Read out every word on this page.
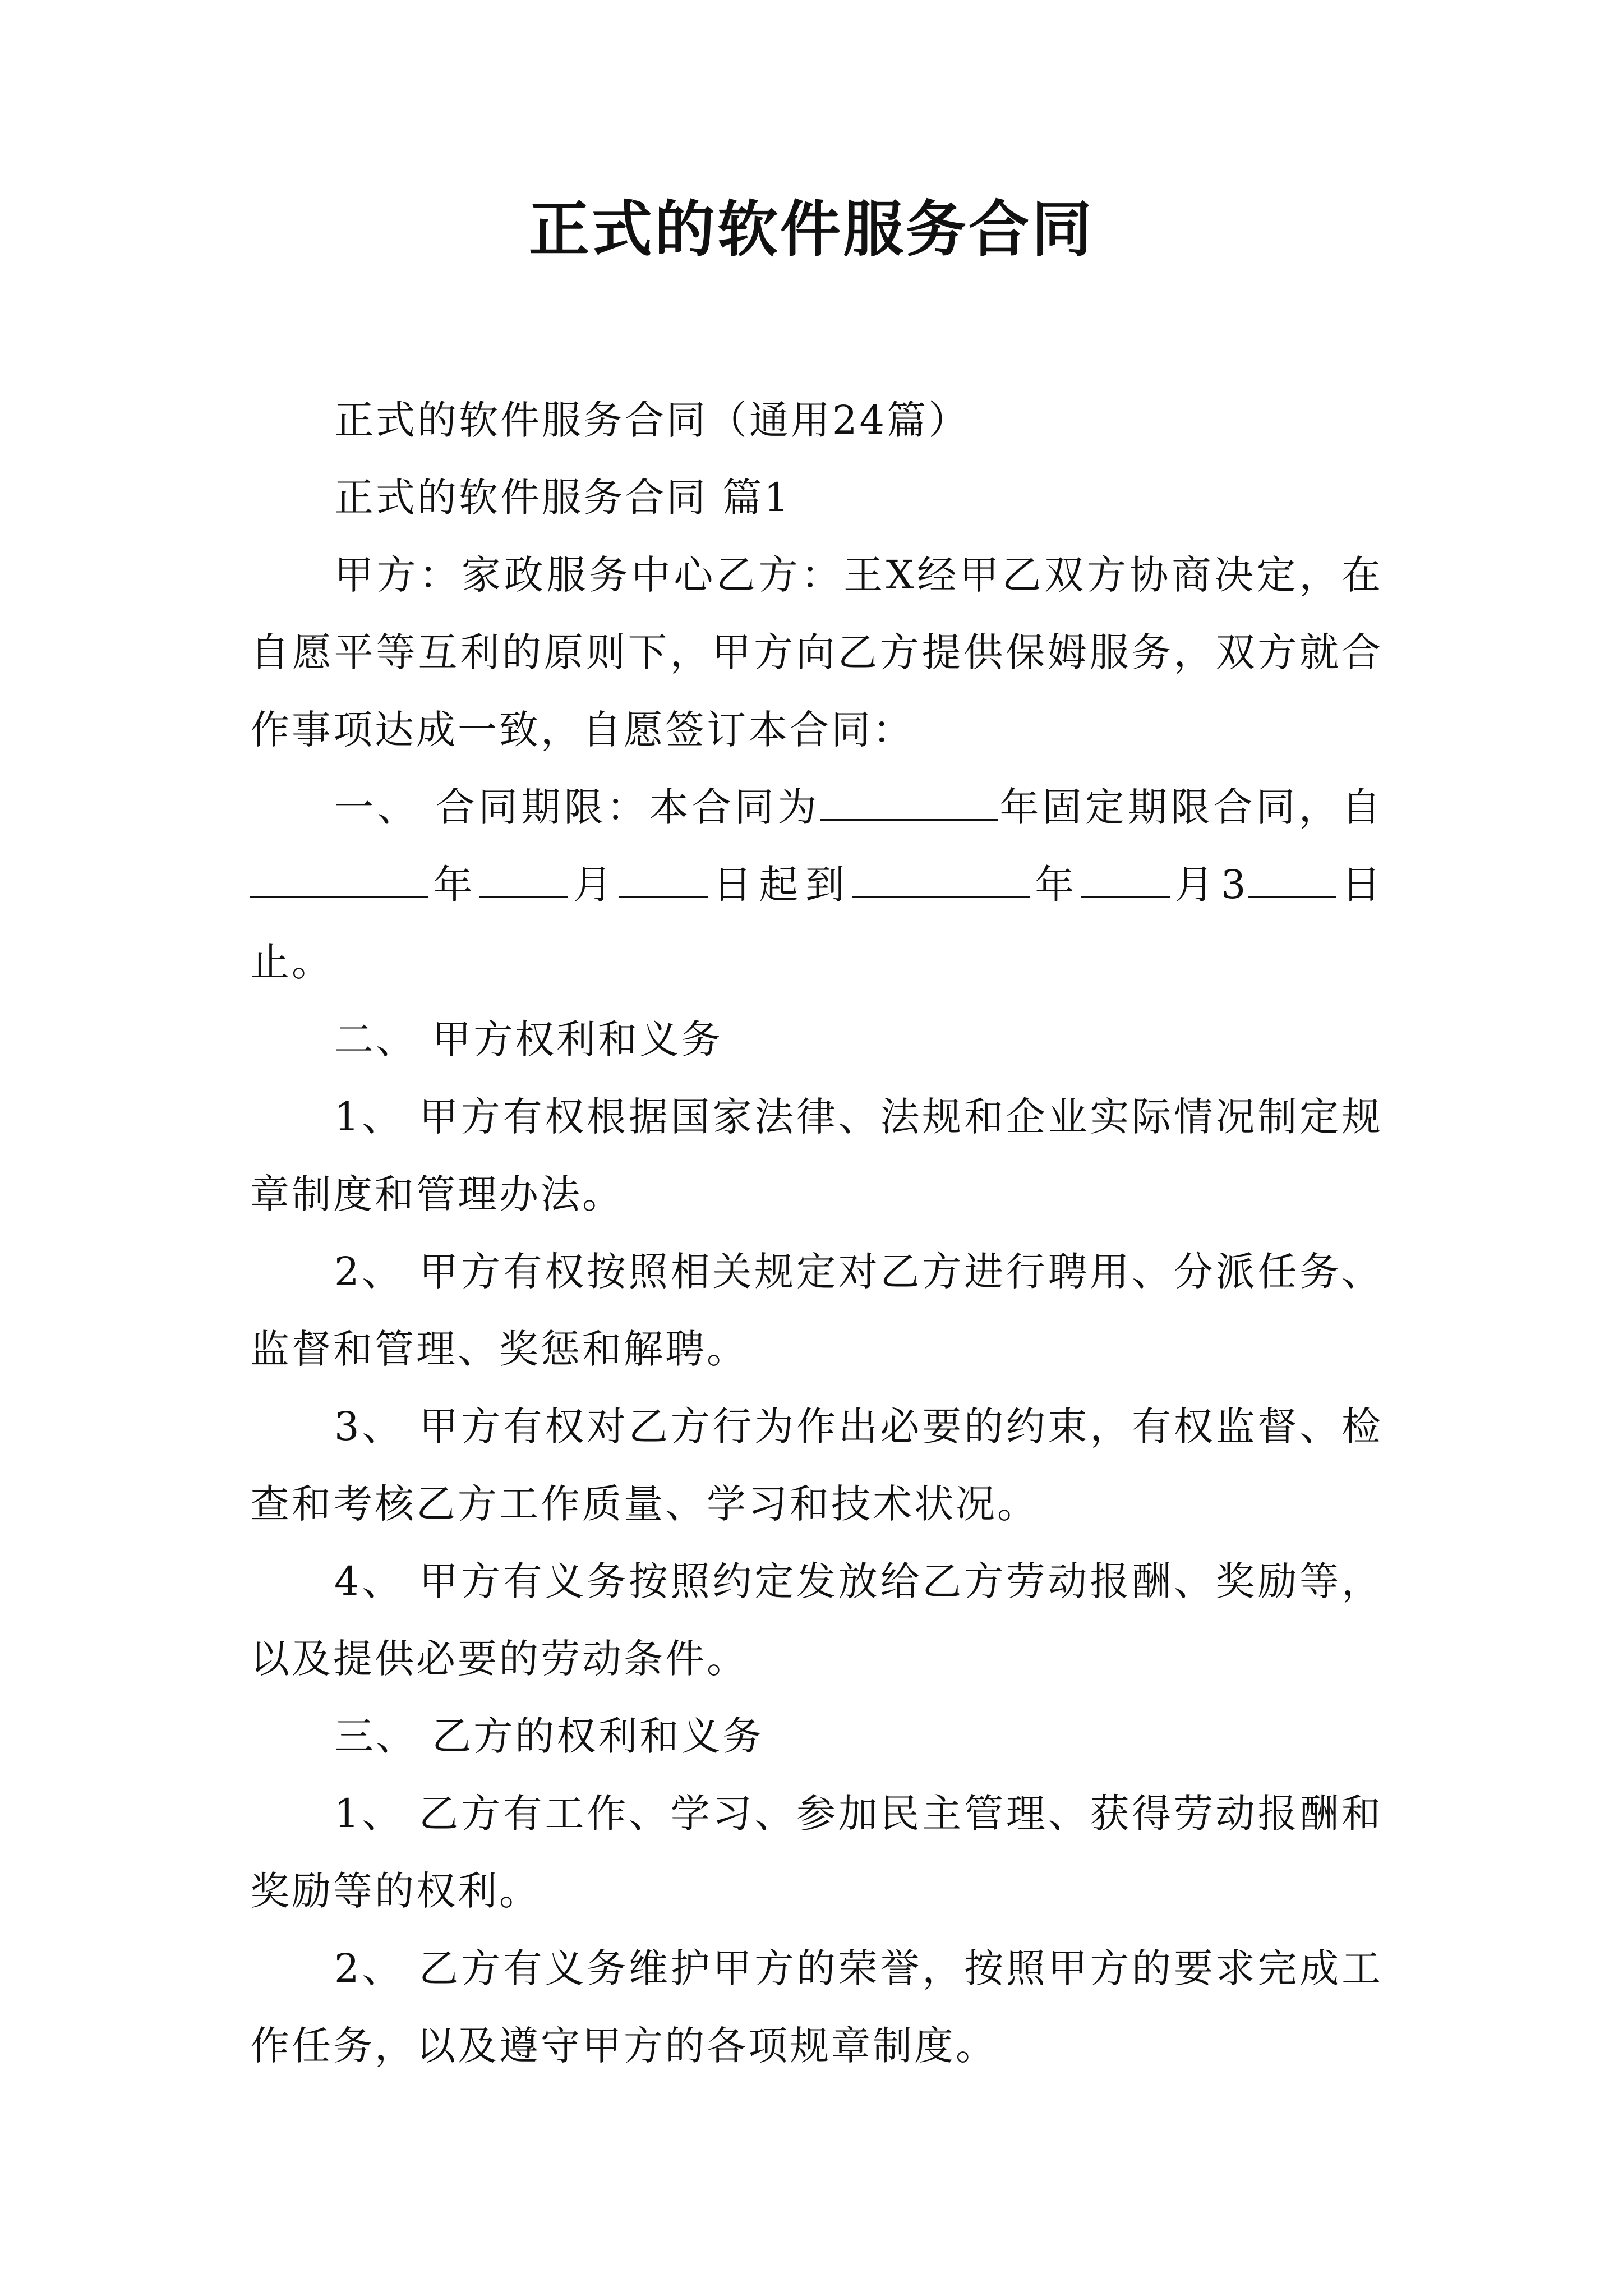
正式的软件服务合同

正式的软件服务合同（通用24篇）

正式的软件服务合同 篇1

甲方：家政服务中心乙方：王X经甲乙双方协商决定，在自愿平等互利的原则下，甲方向乙方提供保姆服务，双方就合作事项达成一致，自愿签订本合同：

一、 合同期限：本合同为	年固定期限合同，自年 月 日起到	年 月3 日止。

二、 甲方权利和义务

1、 甲方有权根据国家法律、法规和企业实际情况制定规章制度和管理办法。

2、 甲方有权按照相关规定对乙方进行聘用、分派任务、监督和管理、奖惩和解聘。

3、 甲方有权对乙方行为作出必要的约束，有权监督、检查和考核乙方工作质量、学习和技术状况。

4、 甲方有义务按照约定发放给乙方劳动报酬、奖励等，以及提供必要的劳动条件。

三、 乙方的权利和义务

1、 乙方有工作、学习、参加民主管理、获得劳动报酬和奖励等的权利。

2、 乙方有义务维护甲方的荣誉，按照甲方的要求完成工作任务，以及遵守甲方的各项规章制度。
